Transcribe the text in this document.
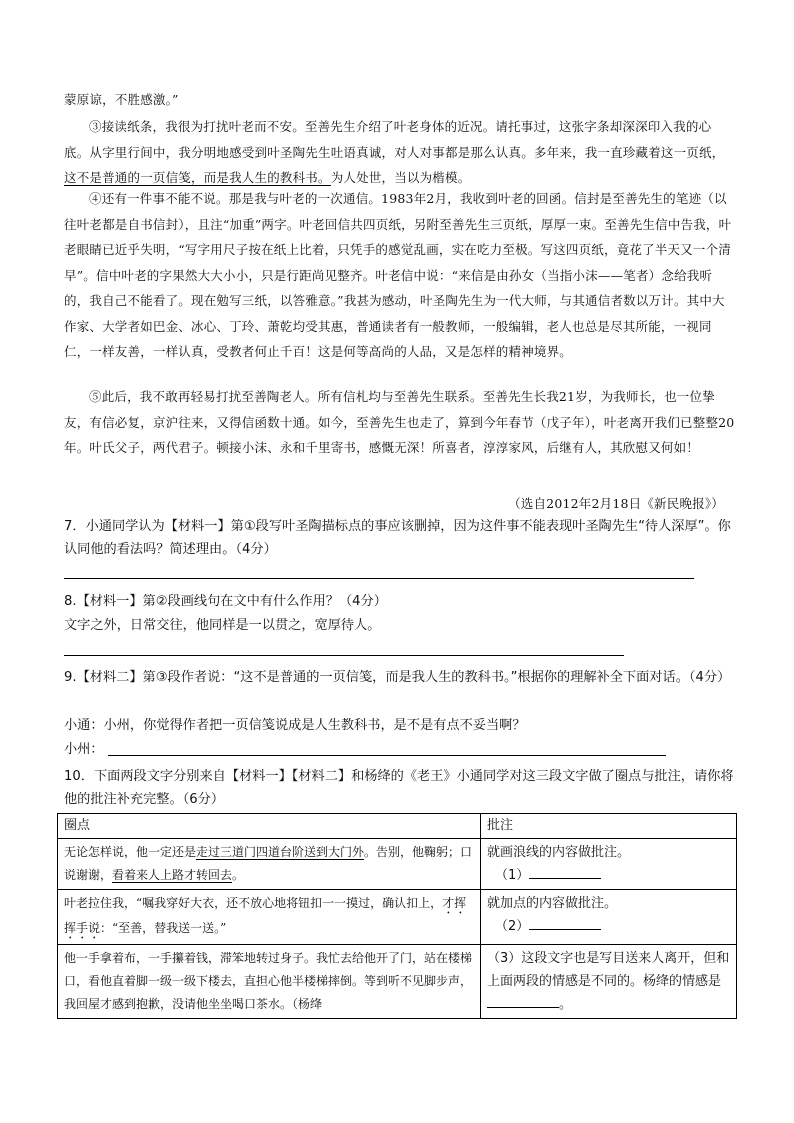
蒙原谅，不胜感激。”
③接读纸条，我很为打扰叶老而不安。至善先生介绍了叶老身体的近况。请托事过，这张字条却深深印入我的心底。从字里行间中，我分明地感受到叶圣陶先生吐语真诚，对人对事都是那么认真。多年来，我一直珍藏着这一页纸，这不是普通的一页信笺，而是我人生的教科书。为人处世，当以为楷模。
④还有一件事不能不说。那是我与叶老的一次通信。1983年2月，我收到叶老的回函。信封是至善先生的笔迹（以往叶老都是自书信封），且注“加重”两字。叶老回信共四页纸，另附至善先生三页纸，厚厚一束。至善先生信中告我，叶老眼睛已近乎失明，“写字用尺子按在纸上比着，只凭手的感觉乱画，实在吃力至极。写这四页纸，竟花了半天又一个清早”。信中叶老的字果然大大小小，只是行距尚见整齐。叶老信中说：“来信是由孙女（当指小沫——笔者）念给我听的，我自己不能看了。现在勉写三纸，以答雅意。”我甚为感动，叶圣陶先生为一代大师，与其通信者数以万计。其中大作家、大学者如巴金、冰心、丁玲、萧乾均受其惠，普通读者有一般教师，一般编辑，老人也总是尽其所能，一视同仁，一样友善，一样认真，受教者何止千百！这是何等高尚的人品，又是怎样的精神境界。
⑤此后，我不敢再轻易打扰至善陶老人。所有信札均与至善先生联系。至善先生长我21岁，为我师长，也一位挚友，有信必复，京沪往来，又得信函数十通。如今，至善先生也走了，算到今年春节（戊子年），叶老离开我们已整整20年。叶氏父子，两代君子。顿接小沫、永和千里寄书，感慨无深！所喜者，淳淳家风，后继有人，其欣慰又何如！
（选自2012年2月18日《新民晚报》）
7．小通同学认为【材料一】第①段写叶圣陶描标点的事应该删掉，因为这件事不能表现叶圣陶先生“待人深厚”。你认同他的看法吗？简述理由。（4分）
8.【材料一】第②段画线句在文中有什么作用？（4分）
文字之外，日常交往，他同样是一以贯之，宽厚待人。
9.【材料二】第③段作者说：“这不是普通的一页信笺，而是我人生的教科书。”根据你的理解补全下面对话。（4分）
小通：小州，你觉得作者把一页信笺说成是人生教科书，是不是有点不妥当啊？
小州：
10．下面两段文字分别来自【材料一】【材料二】和杨绛的《老王》小通同学对这三段文字做了圈点与批注，请你将他的批注补充完整。（6分）
圈点	批注
无论怎样说，他一定还是走过三道门四道台阶送到大门外。告别，他鞠躬；口说谢谢，看着来人上路才转回去。	就画浪线的内容做批注。
（1）

叶老拉住我，“嘱我穿好大衣，还不放心地将钮扣一一摸过，确认扣上，才挥挥手说：“至善，替我送一送。”	就加点的内容做批注。
（2）

他一手拿着布，一手攥着钱，滞笨地转过身子。我忙去给他开了门，站在楼梯口，看他直着脚一级一级下楼去，直担心他半楼梯摔倒。等到听不见脚步声，我回屋才感到抱歉，没请他坐坐喝口茶水。（杨绛	（3）这段文字也是写目送来人离开，但和上面两段的情感是不同的。杨绛的情感是。
